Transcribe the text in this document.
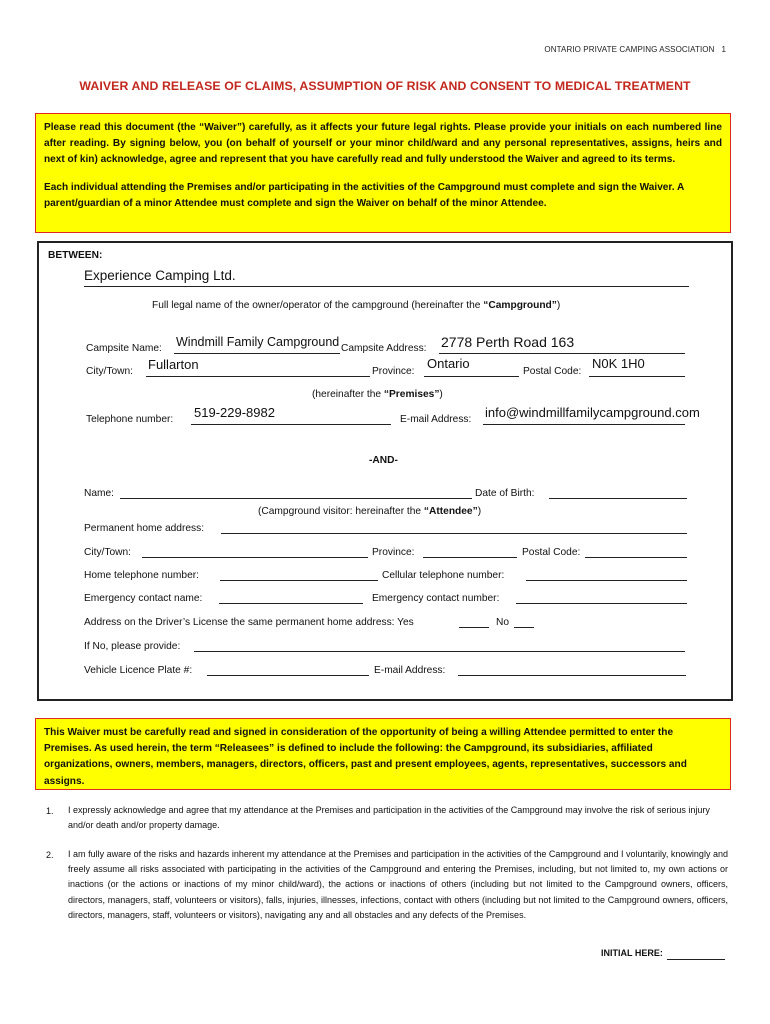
ONTARIO PRIVATE CAMPING ASSOCIATION 1
WAIVER AND RELEASE OF CLAIMS, ASSUMPTION OF RISK AND CONSENT TO MEDICAL TREATMENT

Please read this document (the “Waiver”) carefully, as it affects your future legal rights. Please provide your initials on each numbered line after reading. By signing below, you (on behalf of yourself or your minor child/ward and any personal representatives, assigns, heirs and next of kin) acknowledge, agree and represent that you have carefully read and fully understood the Waiver and agreed to its terms.

Each individual attending the Premises and/or participating in the activities of the Campground must complete and sign the Waiver. A parent/guardian of a minor Attendee must complete and sign the Waiver on behalf of the minor Attendee.

BETWEEN:
Experience Camping Ltd.
Full legal name of the owner/operator of the campground (hereinafter the “Campground”)
Campsite Name: Windmill Family Campground Campsite Address: 2778 Perth Road 163
City/Town: Fullarton	Province:
Ontario
Postal Code:
N0K 1H0
(hereinafter the “Premises”)
Telephone number: 519-229-8982	E-mail Address: info@windmillfamilycampground.com
-AND-
Name:	Date of Birth:
(Campground visitor: hereinafter the “Attendee”)
Permanent home address:
City/Town:	Province:	Postal Code:
Home telephone number:	Cellular telephone number:
Emergency contact name:	Emergency contact number:
Address on the Driver’s License the same permanent home address: Yes	No
If No, please provide:
Vehicle Licence Plate #:	E-mail Address:

This Waiver must be carefully read and signed in consideration of the opportunity of being a willing Attendee permitted to enter the Premises. As used herein, the term “Releasees” is defined to include the following: the Campground, its subsidiaries, affiliated organizations, owners, members, managers, directors, officers, past and present employees, agents, representatives, successors and assigns.

1. I expressly acknowledge and agree that my attendance at the Premises and participation in the activities of the Campground may involve the risk of serious injury and/or death and/or property damage.
2. I am fully aware of the risks and hazards inherent my attendance at the Premises and participation in the activities of the Campground and I voluntarily, knowingly and freely assume all risks associated with participating in the activities of the Campground and entering the Premises, including, but not limited to, my own actions or inactions (or the actions or inactions of my minor child/ward), the actions or inactions of others (including but not limited to the Campground owners, officers, directors, managers, staff, volunteers or visitors), falls, injuries, illnesses, infections, contact with others (including but not limited to the Campground owners, officers, directors, managers, staff, volunteers or visitors), navigating any and all obstacles and any defects of the Premises.
INITIAL HERE:
